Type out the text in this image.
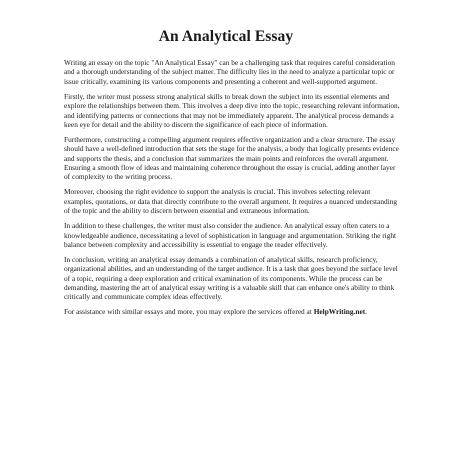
An Analytical Essay

Writing an essay on the topic "An Analytical Essay" can be a challenging task that requires careful consideration and a thorough understanding of the subject matter. The difficulty lies in the need to analyze a particular topic or issue critically, examining its various components and presenting a coherent and well-supported argument.

Firstly, the writer must possess strong analytical skills to break down the subject into its essential elements and explore the relationships between them. This involves a deep dive into the topic, researching relevant information, and identifying patterns or connections that may not be immediately apparent. The analytical process demands a keen eye for detail and the ability to discern the significance of each piece of information.

Furthermore, constructing a compelling argument requires effective organization and a clear structure. The essay should have a well-defined introduction that sets the stage for the analysis, a body that logically presents evidence and supports the thesis, and a conclusion that summarizes the main points and reinforces the overall argument. Ensuring a smooth flow of ideas and maintaining coherence throughout the essay is crucial, adding another layer of complexity to the writing process.

Moreover, choosing the right evidence to support the analysis is crucial. This involves selecting relevant examples, quotations, or data that directly contribute to the overall argument. It requires a nuanced understanding of the topic and the ability to discern between essential and extraneous information.

In addition to these challenges, the writer must also consider the audience. An analytical essay often caters to a knowledgeable audience, necessitating a level of sophistication in language and argumentation. Striking the right balance between complexity and accessibility is essential to engage the reader effectively.

In conclusion, writing an analytical essay demands a combination of analytical skills, research proficiency, organizational abilities, and an understanding of the target audience. It is a task that goes beyond the surface level of a topic, requiring a deep exploration and critical examination of its components. While the process can be demanding, mastering the art of analytical essay writing is a valuable skill that can enhance one's ability to think critically and communicate complex ideas effectively.

For assistance with similar essays and more, you may explore the services offered at HelpWriting.net.
